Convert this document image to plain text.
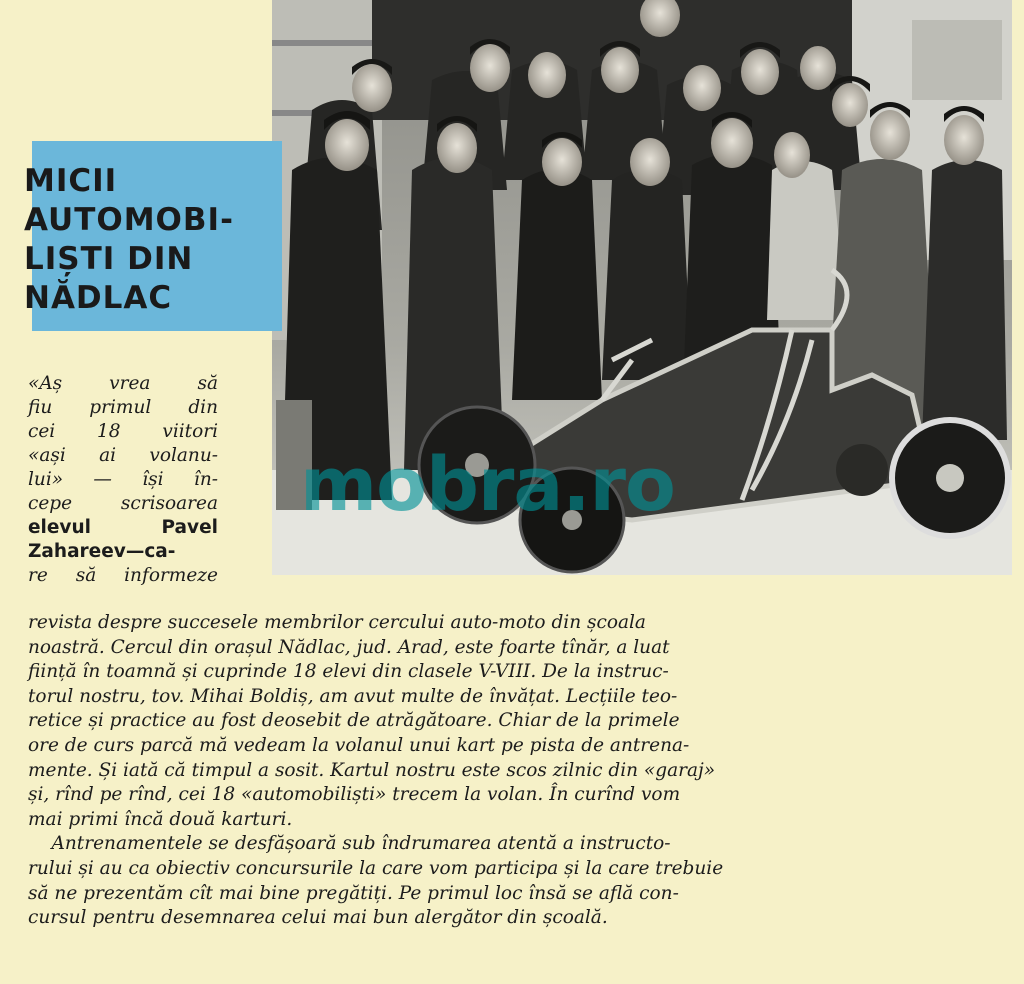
MICII
AUTOMOBI-
LIȘTI DIN
NĂDLAC
«Aș vrea să
fiu primul din
cei 18 viitori
«ași ai volanu-
lui» — își în-
cepe scrisoarea
elevul Pavel
Zahareev—ca-
re să informeze
revista despre succesele membrilor cercului auto-moto din școala
noastră. Cercul din orașul Nădlac, jud. Arad, este foarte tînăr, a luat
ființă în toamnă și cuprinde 18 elevi din clasele V-VIII. De la instruc-
torul nostru, tov. Mihai Boldiș, am avut multe de învățat. Lecțiile teo-
retice și practice au fost deosebit de atrăgătoare. Chiar de la primele
ore de curs parcă mă vedeam la volanul unui kart pe pista de antrena-
mente. Și iată că timpul a sosit. Kartul nostru este scos zilnic din «garaj»
și, rînd pe rînd, cei 18 «automobiliști» trecem la volan. În curînd vom
mai primi încă două karturi.
Antrenamentele se desfășoară sub îndrumarea atentă a instructo-
rului și au ca obiectiv concursurile la care vom participa și la care trebuie
să ne prezentăm cît mai bine pregătiți. Pe primul loc însă se află con-
cursul pentru desemnarea celui mai bun alergător din școală.
mobra.ro
